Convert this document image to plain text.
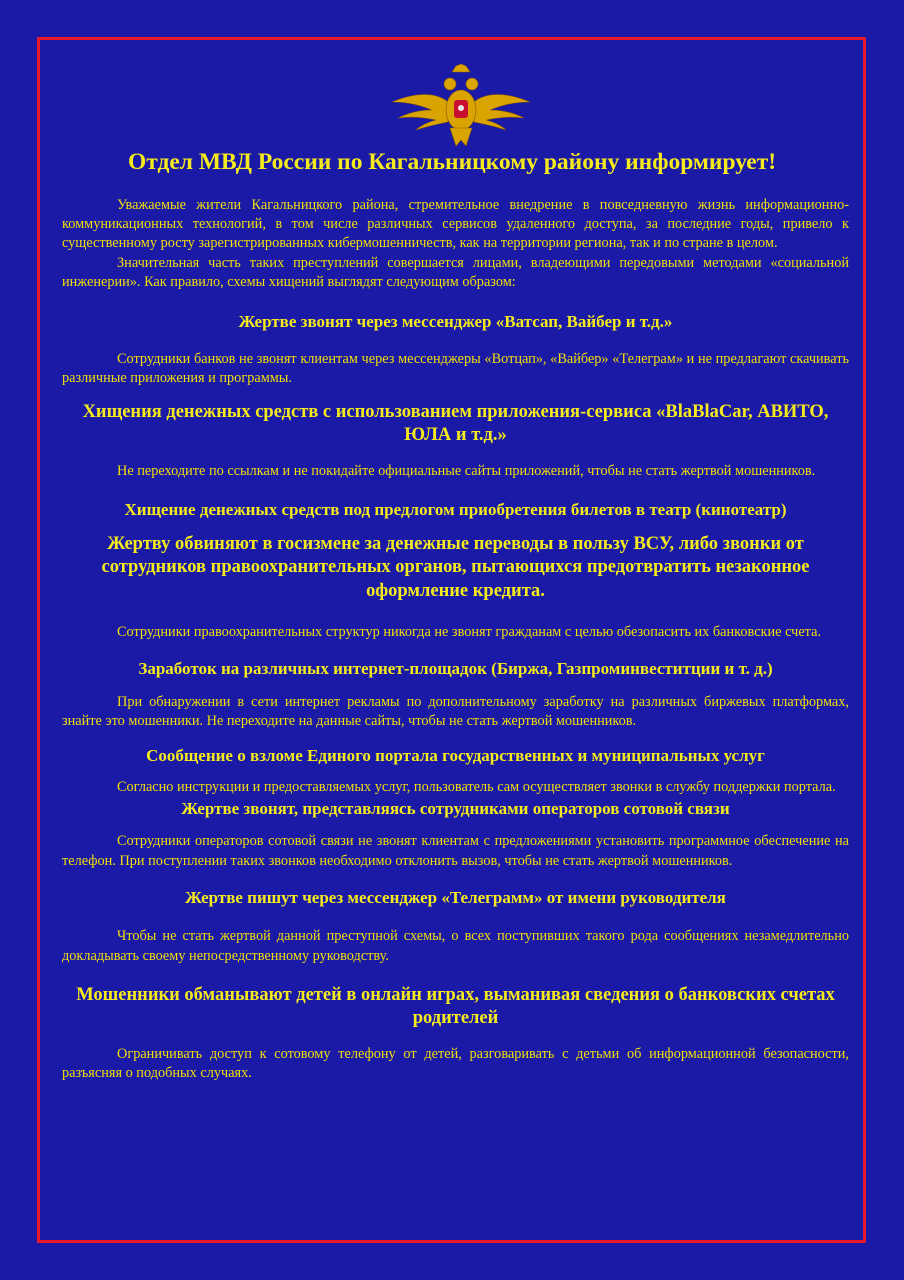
Отдел МВД России по Кагальницкому району информирует!

Уважаемые жители Кагальницкого района, стремительное внедрение в повседневную жизнь информационно-коммуникационных технологий, в том числе различных сервисов удаленного доступа, за последние годы, привело к существенному росту зарегистрированных кибермошенничеств, как на территории региона, так и по стране в целом.

Значительная часть таких преступлений совершается лицами, владеющими передовыми методами «социальной инженерии». Как правило, схемы хищений выглядят следующим образом:

Жертве звонят через мессенджер «Ватсап, Вайбер и т.д.»

Сотрудники банков не звонят клиентам через мессенджеры «Вотцап», «Вайбер» «Телеграм» и не предлагают скачивать различные приложения и программы.

Хищения денежных средств с использованием приложения-сервиса «BlaBlaCar, АВИТО, ЮЛА и т.д.»

Не переходите по ссылкам и не покидайте официальные сайты приложений, чтобы не стать жертвой мошенников.

Хищение денежных средств под предлогом приобретения билетов в театр (кинотеатр)
Жертву обвиняют в госизмене за денежные переводы в пользу ВСУ, либо звонки от сотрудников правоохранительных органов, пытающихся предотвратить незаконное оформление кредита.

Сотрудники правоохранительных структур никогда не звонят гражданам с целью обезопасить их банковские счета.

Заработок на различных интернет-площадок (Биржа, Газпроминвеститции и т. д.)

При обнаружении в сети интернет рекламы по дополнительному заработку на различных биржевых платформах, знайте это мошенники. Не переходите на данные сайты, чтобы не стать жертвой мошенников.

Сообщение о взломе Единого портала государственных и муниципальных услуг

Согласно инструкции и предоставляемых услуг, пользователь сам осуществляет звонки в службу поддержки портала.

Жертве звонят, представляясь сотрудниками операторов сотовой связи

Сотрудники операторов сотовой связи не звонят клиентам с предложениями установить программное обеспечение на телефон. При поступлении таких звонков необходимо отклонить вызов, чтобы не стать жертвой мошенников.

Жертве пишут через мессенджер «Телеграмм» от имени руководителя

Чтобы не стать жертвой данной преступной схемы, о всех поступивших такого рода сообщениях незамедлительно докладывать своему непосредственному руководству.

Мошенники обманывают детей в онлайн играх, выманивая сведения о банковских счетах родителей

Ограничивать доступ к сотовому телефону от детей, разговаривать с детьми об информационной безопасности, разъясняя о подобных случаях.
